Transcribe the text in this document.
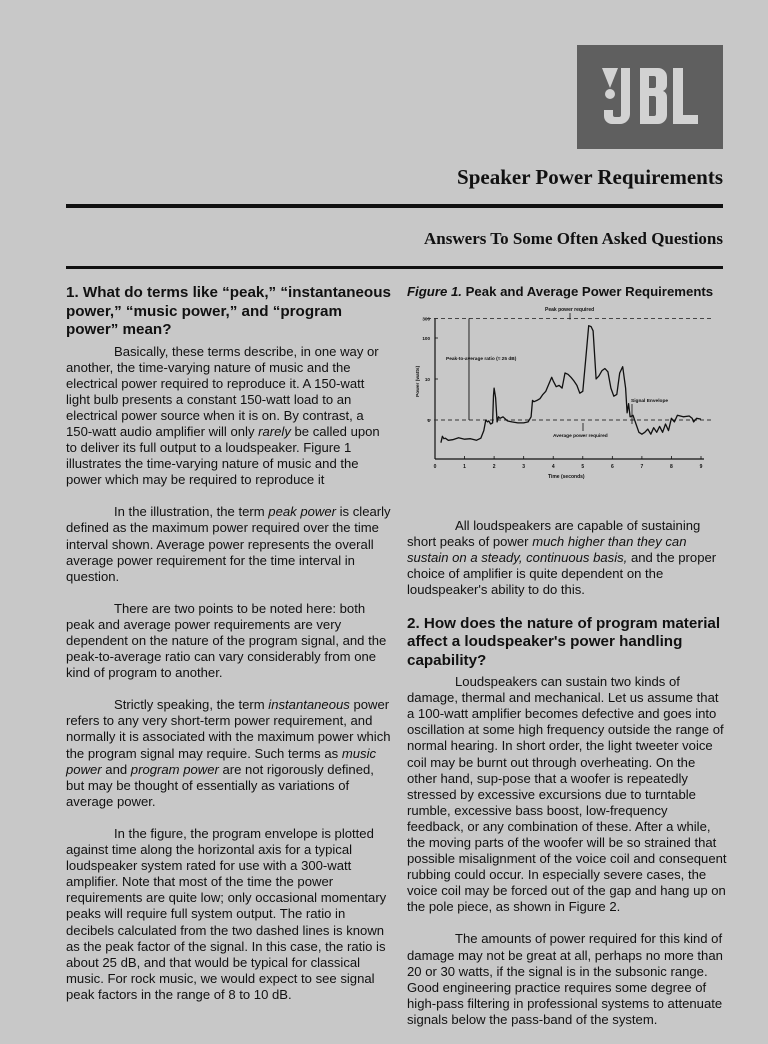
Speaker Power Requirements
Answers To Some Often Asked Questions
1. What do terms like “peak,” “instantaneous power,” “music power,” and “program power” mean?

Basically, these terms describe, in one way or another, the time-varying nature of music and the electrical power required to reproduce it. A 150-watt light bulb presents a constant 150-watt load to an electrical power source when it is on. By contrast, a 150-watt audio amplifier will only rarely be called upon to deliver its full output to a loudspeaker. Figure 1 illustrates the time-varying nature of music and the power which may be required to reproduce it

In the illustration, the term peak power is clearly defined as the maximum power required over the time interval shown. Average power represents the overall average power requirement for the time interval in question.

There are two points to be noted here: both peak and average power requirements are very dependent on the nature of the program signal, and the peak-to-average ratio can vary considerably from one kind of program to another.

Strictly speaking, the term instantaneous power refers to any very short-term power requirement, and normally it is associated with the maximum power which the program signal may require. Such terms as music power and program power are not rigorously defined, but may be thought of essentially as variations of average power.

In the figure, the program envelope is plotted against time along the horizontal axis for a typical loudspeaker system rated for use with a 300-watt amplifier. Note that most of the time the power requirements are quite low; only occasional momentary peaks will require full system output. The ratio in decibels calculated from the two dashed lines is known as the peak factor of the signal. In this case, the ratio is about 25 dB, and that would be typical for classical music. For rock music, we would expect to see signal peak factors in the range of 8 to 10 dB.

Figure 1. Peak and Average Power Requirements

All loudspeakers are capable of sustaining short peaks of power much higher than they can sustain on a steady, continuous basis, and the proper choice of amplifier is quite dependent on the loudspeaker's ability to do this.

2. How does the nature of program material affect a loudspeaker's power handling capability?

Loudspeakers can sustain two kinds of damage, thermal and mechanical. Let us assume that a 100-watt amplifier becomes defective and goes into oscillation at some high frequency outside the range of normal hearing. In short order, the light tweeter voice coil may be burnt out through overheating. On the other hand, sup-pose that a woofer is repeatedly stressed by excessive excursions due to turntable rumble, excessive bass boost, low-frequency feedback, or any combination of these. After a while, the moving parts of the woofer will be so strained that possible misalignment of the voice coil and consequent rubbing could occur. In especially severe cases, the voice coil may be forced out of the gap and hang up on the pole piece, as shown in Figure 2.

The amounts of power required for this kind of damage may not be great at all, perhaps no more than 20 or 30 watts, if the signal is in the subsonic range. Good engineering practice requires some degree of high-pass filtering in professional systems to attenuate signals below the pass-band of the system.

Peak power required
Peak-to-average ratio (≈ 25 dB)
Signal Envelope
Average power required
Time (seconds)
Power (watts)
0	1	2	3	4	5	6	7	8	9
1
10
100
300
